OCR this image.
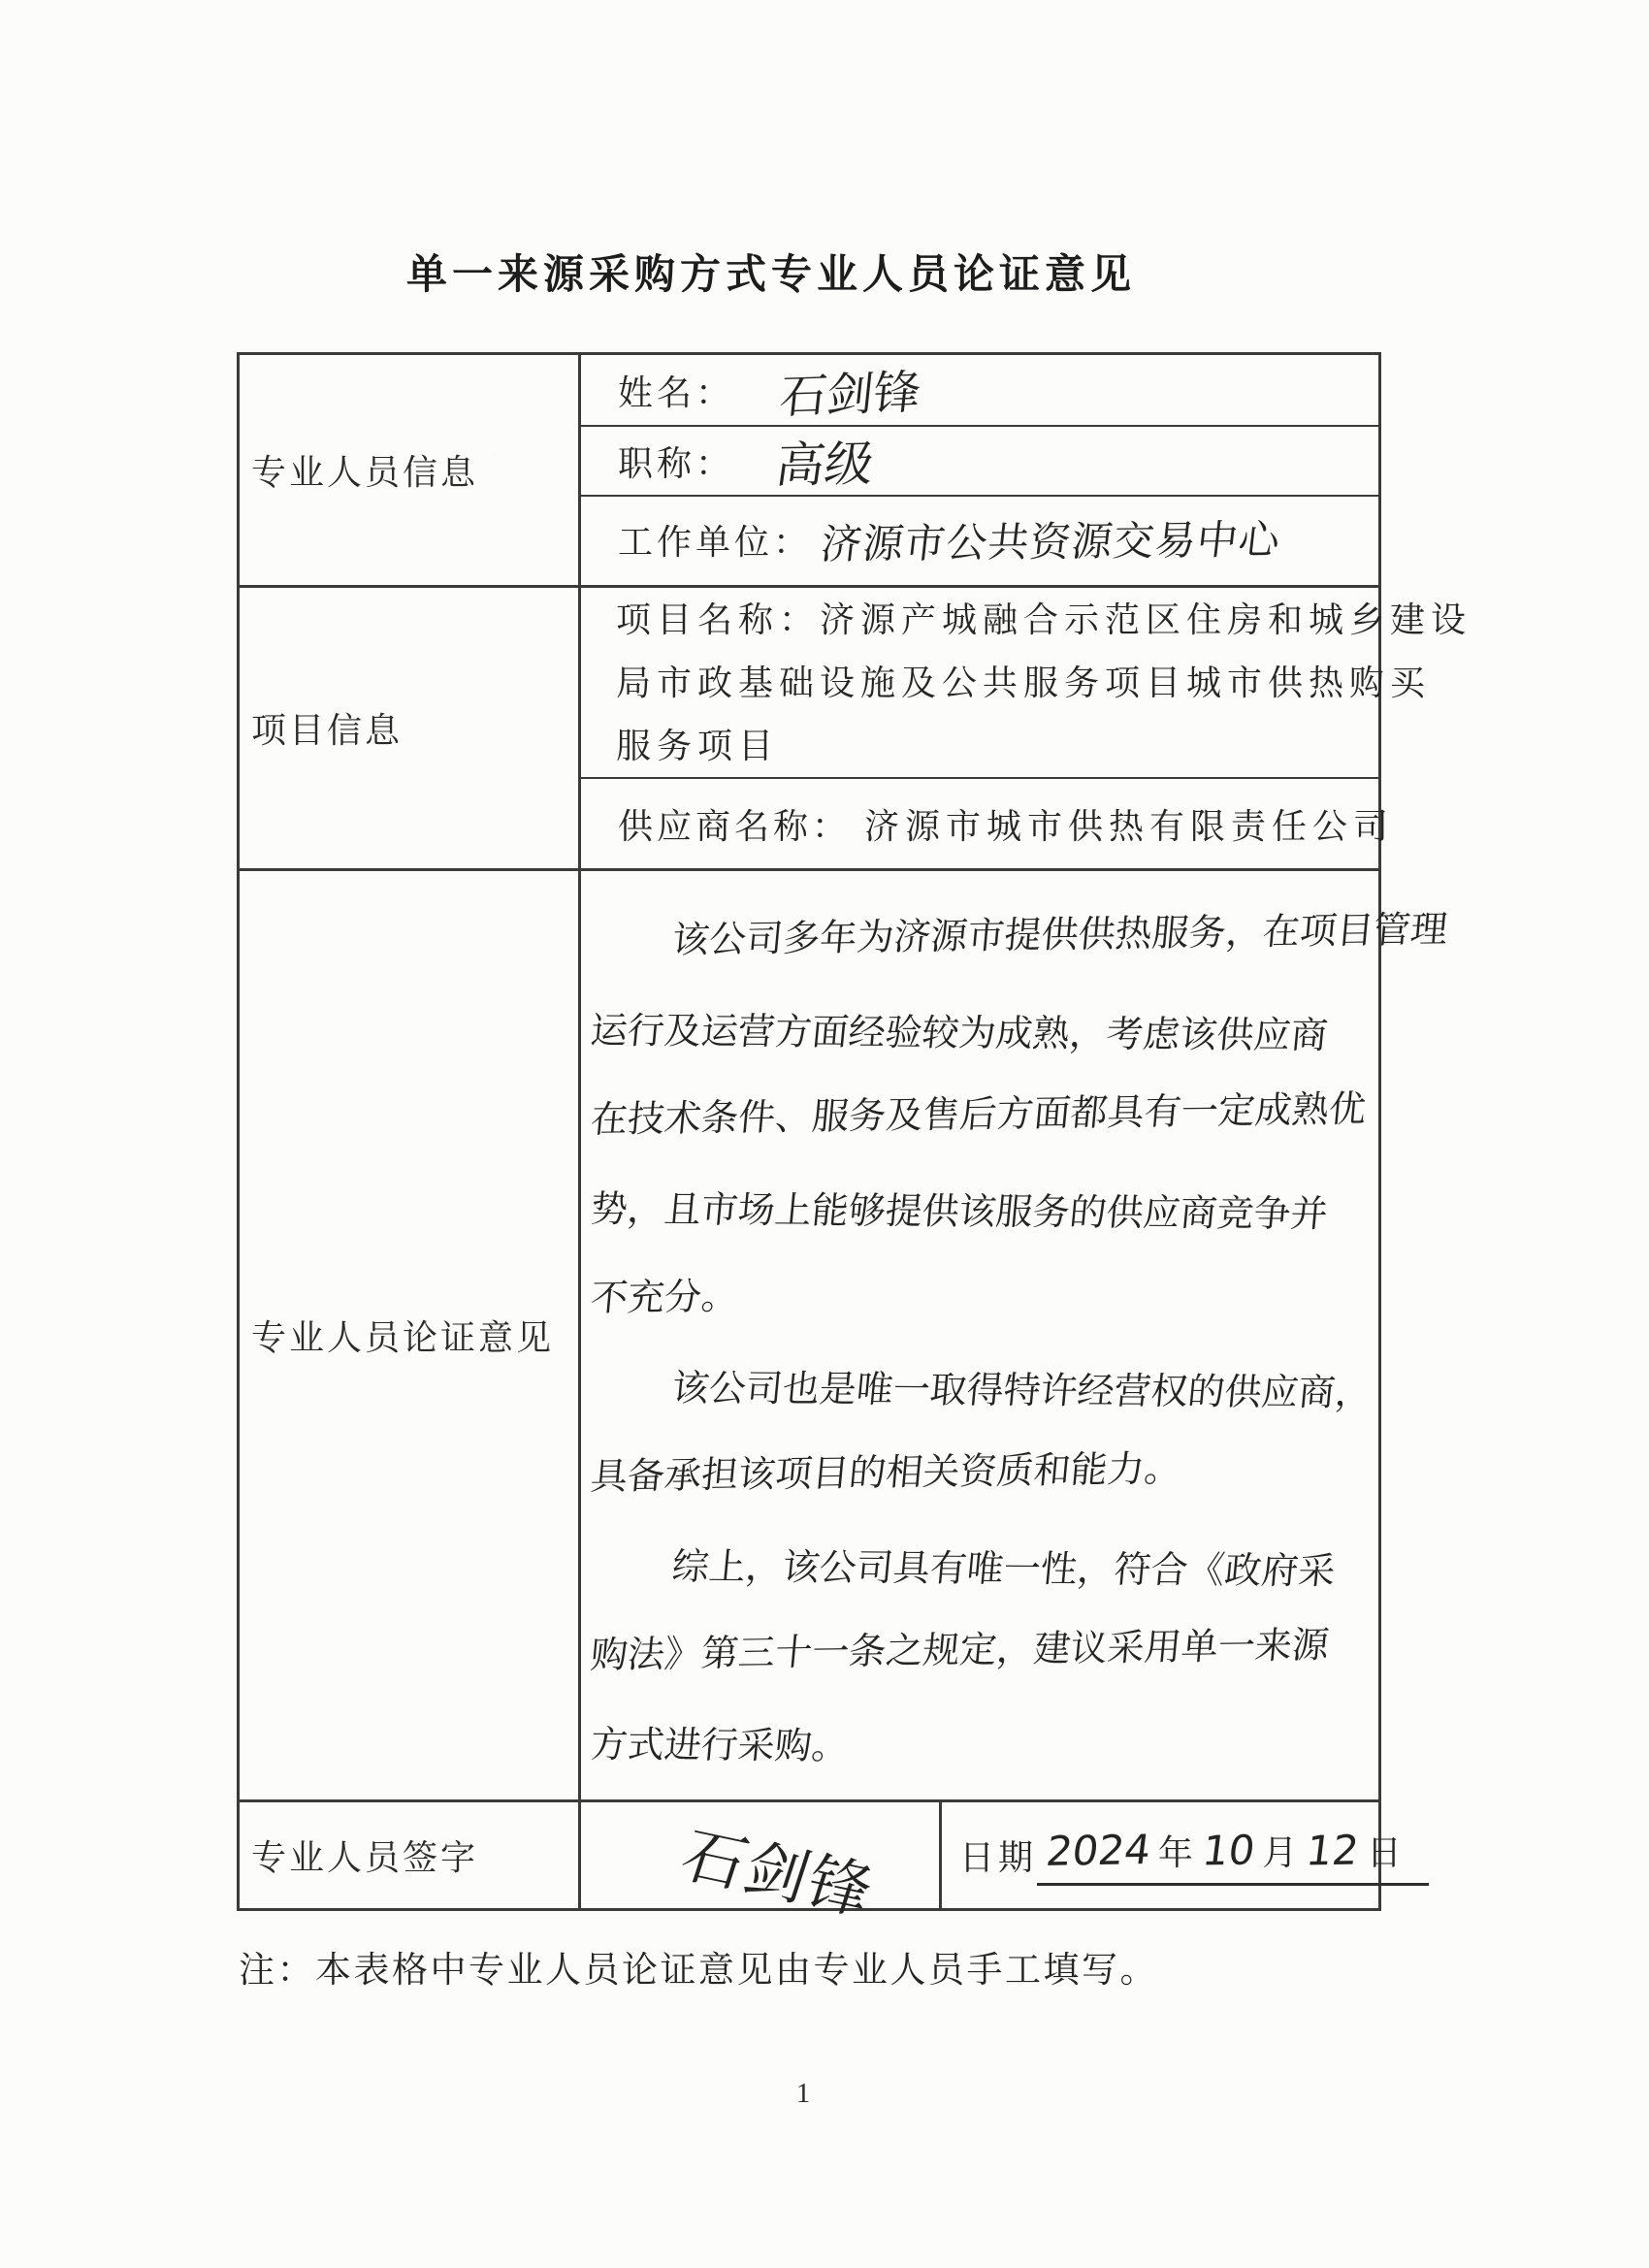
单一来源采购方式专业人员论证意见
专业人员信息
姓名： 石剑锋
职称： 高级
工作单位： 济源市公共资源交易中心
项目信息
项目名称：济源产城融合示范区住房和城乡建设
局市政基础设施及公共服务项目城市供热购买
服务项目
供应商名称： 济源市城市供热有限责任公司
专业人员论证意见
该公司多年为济源市提供供热服务，在项目管理
运行及运营方面经验较为成熟，考虑该供应商
在技术条件、服务及售后方面都具有一定成熟优
势，且市场上能够提供该服务的供应商竞争并
不充分。
该公司也是唯一取得特许经营权的供应商，
具备承担该项目的相关资质和能力。
综上，该公司具有唯一性，符合《政府采
购法》第三十一条之规定，建议采用单一来源
方式进行采购。
专业人员签字	石剑锋 日期 2024 年 10 月 12 日

注：本表格中专业人员论证意见由专业人员手工填写。

1
